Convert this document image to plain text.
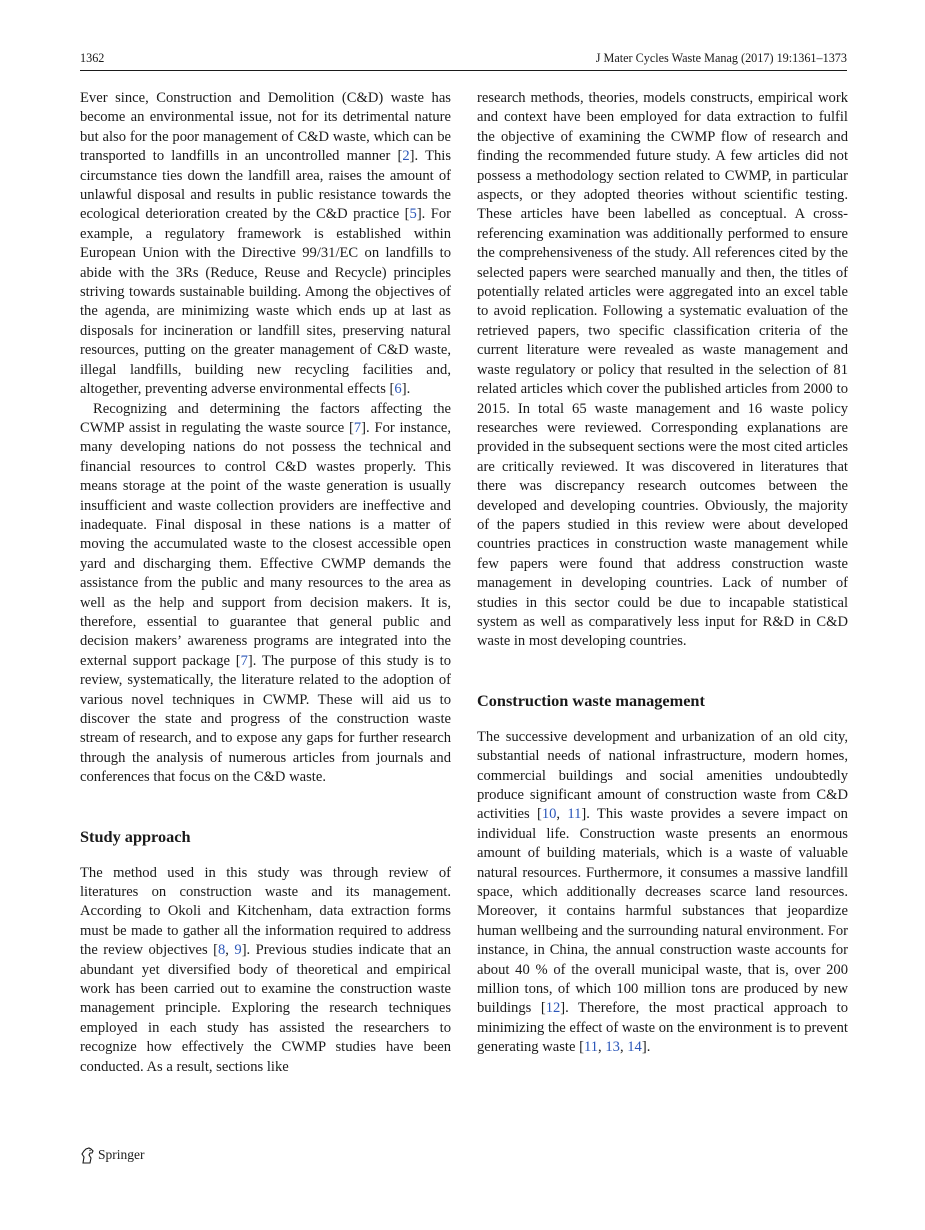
1362	J Mater Cycles Waste Manag (2017) 19:1361–1373

Ever since, Construction and Demolition (C&D) waste has become an environmental issue, not for its detrimental nature but also for the poor management of C&D waste, which can be transported to landfills in an uncontrolled manner [2]. This circumstance ties down the landfill area, raises the amount of unlawful disposal and results in public resistance towards the ecological deterioration created by the C&D practice [5]. For example, a regulatory framework is established within European Union with the Directive 99/31/EC on landfills to abide with the 3Rs (Reduce, Reuse and Recycle) principles striving towards sustainable building. Among the objectives of the agenda, are minimizing waste which ends up at last as disposals for incineration or landfill sites, preserving natural resources, putting on the greater management of C&D waste, illegal landfills, building new recycling facilities and, altogether, preventing adverse environmental effects [6].

Recognizing and determining the factors affecting the CWMP assist in regulating the waste source [7]. For instance, many developing nations do not possess the technical and financial resources to control C&D wastes properly. This means storage at the point of the waste generation is usually insufficient and waste collection providers are ineffective and inadequate. Final disposal in these nations is a matter of moving the accumulated waste to the closest accessible open yard and discharging them. Effective CWMP demands the assistance from the public and many resources to the area as well as the help and support from decision makers. It is, therefore, essential to guarantee that general public and decision makers’ awareness programs are integrated into the external support package [7]. The purpose of this study is to review, systematically, the literature related to the adoption of various novel techniques in CWMP. These will aid us to discover the state and progress of the construction waste stream of research, and to expose any gaps for further research through the analysis of numerous articles from journals and conferences that focus on the C&D waste.

Study approach

The method used in this study was through review of literatures on construction waste and its management. According to Okoli and Kitchenham, data extraction forms must be made to gather all the information required to address the review objectives [8, 9]. Previous studies indicate that an abundant yet diversified body of theoretical and empirical work has been carried out to examine the construction waste management principle. Exploring the research techniques employed in each study has assisted the researchers to recognize how effectively the CWMP studies have been conducted. As a result, sections like

research methods, theories, models constructs, empirical work and context have been employed for data extraction to fulfil the objective of examining the CWMP flow of research and finding the recommended future study. A few articles did not possess a methodology section related to CWMP, in particular aspects, or they adopted theories without scientific testing. These articles have been labelled as conceptual. A cross-referencing examination was additionally performed to ensure the comprehensiveness of the study. All references cited by the selected papers were searched manually and then, the titles of potentially related articles were aggregated into an excel table to avoid replication. Following a systematic evaluation of the retrieved papers, two specific classification criteria of the current literature were revealed as waste management and waste regulatory or policy that resulted in the selection of 81 related articles which cover the published articles from 2000 to 2015. In total 65 waste management and 16 waste policy researches were reviewed. Corresponding explanations are provided in the subsequent sections were the most cited articles are critically reviewed. It was discovered in literatures that there was discrepancy research outcomes between the developed and developing countries. Obviously, the majority of the papers studied in this review were about developed countries practices in construction waste management while few papers were found that address construction waste management in developing countries. Lack of number of studies in this sector could be due to incapable statistical system as well as comparatively less input for R&D in C&D waste in most developing countries.

Construction waste management

The successive development and urbanization of an old city, substantial needs of national infrastructure, modern homes, commercial buildings and social amenities undoubtedly produce significant amount of construction waste from C&D activities [10, 11]. This waste provides a severe impact on individual life. Construction waste presents an enormous amount of building materials, which is a waste of valuable natural resources. Furthermore, it consumes a massive landfill space, which additionally decreases scarce land resources. Moreover, it contains harmful substances that jeopardize human wellbeing and the surrounding natural environment. For instance, in China, the annual construction waste accounts for about 40 % of the overall municipal waste, that is, over 200 million tons, of which 100 million tons are produced by new buildings [12]. Therefore, the most practical approach to minimizing the effect of waste on the environment is to prevent generating waste [11, 13, 14].

Springer
